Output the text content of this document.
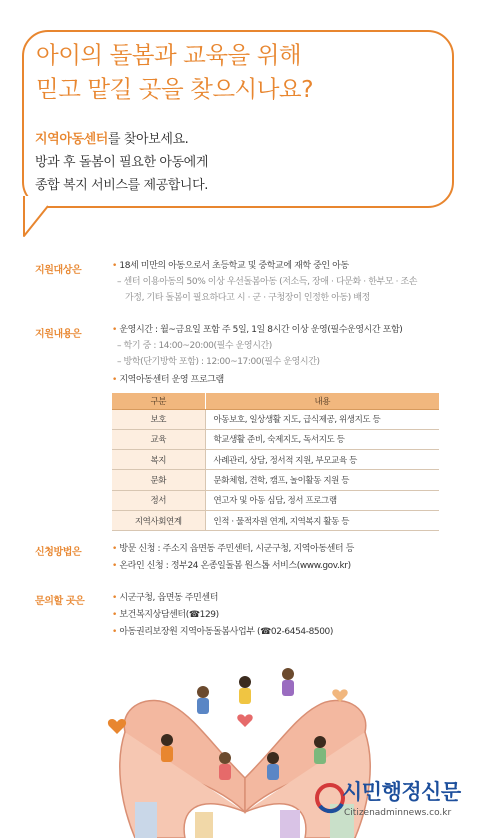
아이의 돌봄과 교육을 위해
믿고 맡길 곳을 찾으시나요?
지역아동센터를 찾아보세요.
방과 후 돌봄이 필요한 아동에게
종합 복지 서비스를 제공합니다.
지원대상은	• 18세 미만의 아동으로서 초등학교 및 중학교에 재학 중인 아동
– 센터 이용아동의 50% 이상 우선돌봄아동 (저소득, 장애 · 다문화 · 한부모 · 조손
가정, 기타 돌봄이 필요하다고 시 · 군 · 구청장이 인정한 아동) 배정
지원내용은	• 운영시간 : 월~금요일 포함 주 5일, 1일 8시간 이상 운영(필수운영시간 포함)
– 학기 중 : 14:00~20:00(필수 운영시간)
– 방학(단기방학 포함) : 12:00~17:00(필수 운영시간)
• 지역아동센터 운영 프로그램
구분	내용
보호	아동보호, 일상생활 지도, 급식제공, 위생지도 등
교육	학교생활 준비, 숙제지도, 독서지도 등
복지	사례관리, 상담, 정서적 지원, 부모교육 등
문화	문화체험, 견학, 캠프, 놀이활동 지원 등
정서	연고자 및 아동 심담, 정서 프로그램
지역사회연계	인적 · 물적자원 연계, 지역복지 활동 등
신청방법은	• 방문 신청 : 주소지 읍면동 주민센터, 시군구청, 지역아동센터 등
• 온라인 신청 : 정부24 온종일돌봄 원스톱 서비스(www.gov.kr)
문의할 곳은	• 시군구청, 읍면동 주민센터
• 보건복지상담센터(☎129)
• 아동권리보장원 지역아동돌봄사업부 (☎02-6454-8500)
시민행정신문
Citizenadminnews.co.kr
